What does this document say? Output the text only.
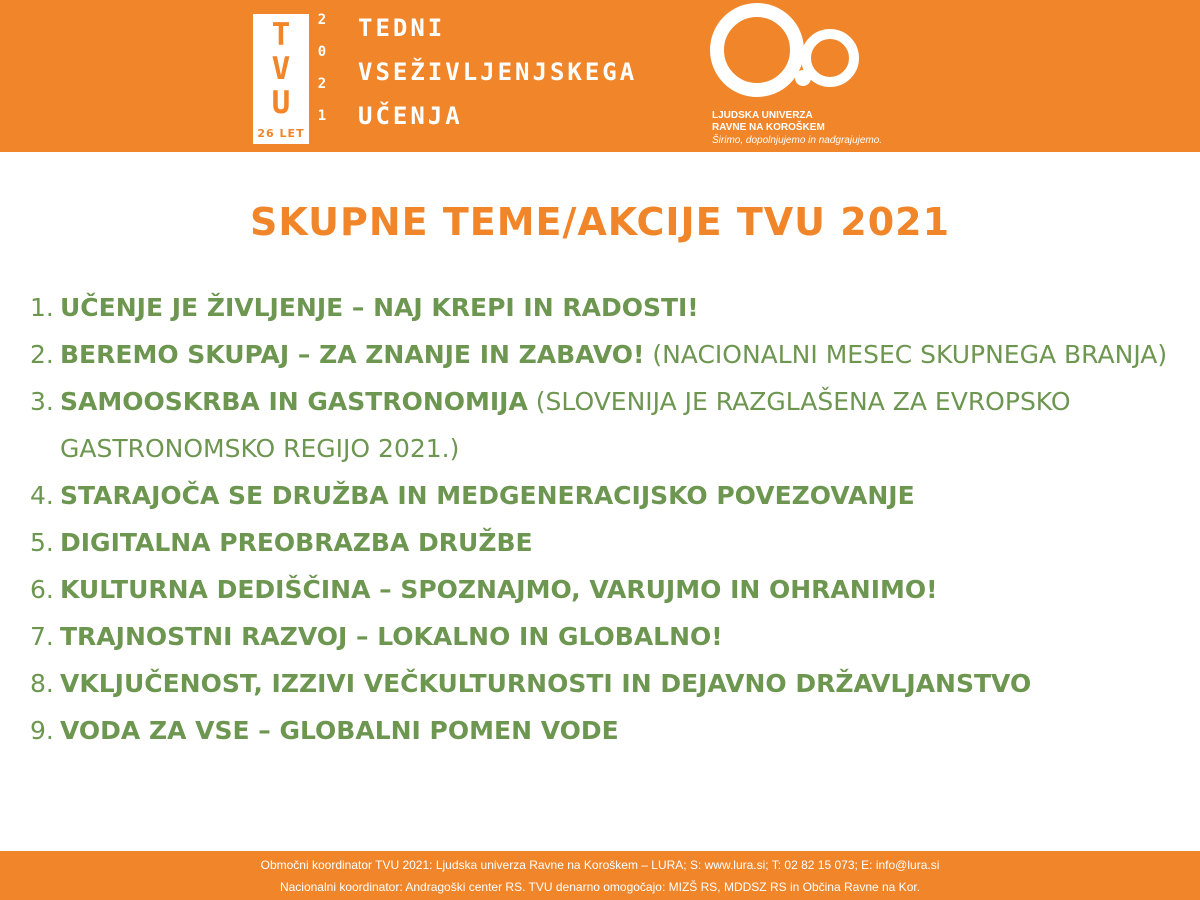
T
V
U
26 LET
2
0
2
1
TEDNI
VSEŽIVLJENJSKEGA
UČENJA	LJUDSKA UNIVERZA
RAVNE NA KOROŠKEM
Širimo, dopolnjujemo in nadgrajujemo.
SKUPNE TEME/AKCIJE TVU 2021
1. UČENJE JE ŽIVLJENJE – NAJ KREPI IN RADOSTI!
2. BEREMO SKUPAJ – ZA ZNANJE IN ZABAVO! (NACIONALNI MESEC SKUPNEGA BRANJA)
3. SAMOOSKRBA IN GASTRONOMIJA (SLOVENIJA JE RAZGLAŠENA ZA EVROPSKO GASTRONOMSKO REGIJO 2021.)
4. STARAJOČA SE DRUŽBA IN MEDGENERACIJSKO POVEZOVANJE
5. DIGITALNA PREOBRAZBA DRUŽBE
6. KULTURNA DEDIŠČINA – SPOZNAJMO, VARUJMO IN OHRANIMO!
7. TRAJNOSTNI RAZVOJ – LOKALNO IN GLOBALNO!
8. VKLJUČENOST, IZZIVI VEČKULTURNOSTI IN DEJAVNO DRŽAVLJANSTVO
9. VODA ZA VSE – GLOBALNI POMEN VODE
Območni koordinator TVU 2021: Ljudska univerza Ravne na Koroškem – LURA; S: www.lura.si; T: 02 82 15 073; E: info@lura.si
Nacionalni koordinator: Andragoški center RS. TVU denarno omogočajo: MIZŠ RS, MDDSZ RS in Občina Ravne na Kor.
